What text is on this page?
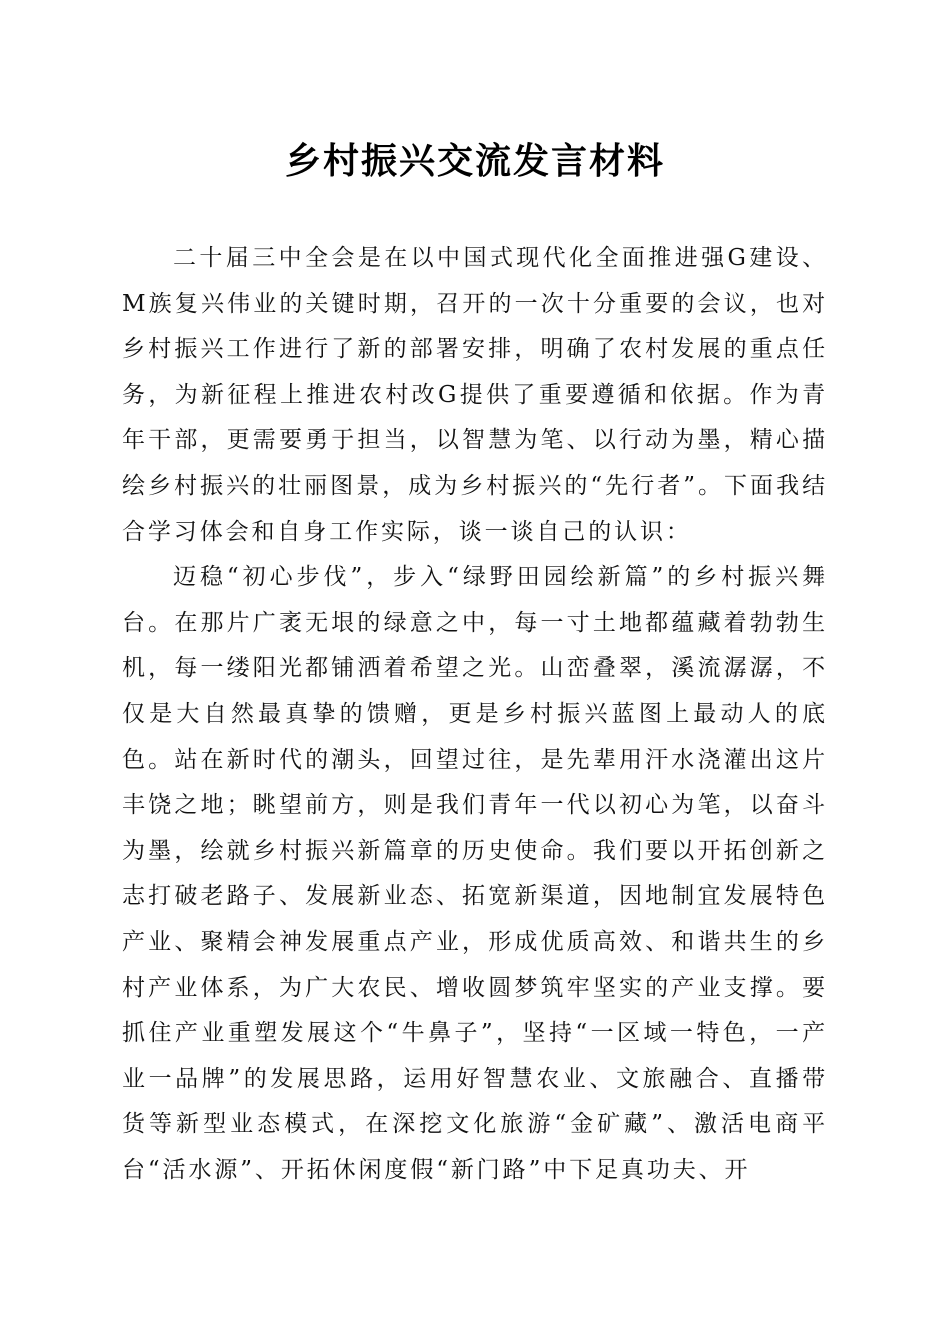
乡村振兴交流发言材料

二十届三中全会是在以中国式现代化全面推进强G建设、M族复兴伟业的关键时期，召开的一次十分重要的会议，也对乡村振兴工作进行了新的部署安排，明确了农村发展的重点任务，为新征程上推进农村改G提供了重要遵循和依据。作为青年干部，更需要勇于担当，以智慧为笔、以行动为墨，精心描绘乡村振兴的壮丽图景，成为乡村振兴的“先行者”。下面我结合学习体会和自身工作实际，谈一谈自己的认识：

迈稳“初心步伐”，步入“绿野田园绘新篇”的乡村振兴舞台。在那片广袤无垠的绿意之中，每一寸土地都蕴藏着勃勃生机，每一缕阳光都铺洒着希望之光。山峦叠翠，溪流潺潺，不仅是大自然最真挚的馈赠，更是乡村振兴蓝图上最动人的底色。站在新时代的潮头，回望过往，是先辈用汗水浇灌出这片丰饶之地；眺望前方，则是我们青年一代以初心为笔，以奋斗为墨，绘就乡村振兴新篇章的历史使命。我们要以开拓创新之志打破老路子、发展新业态、拓宽新渠道，因地制宜发展特色产业、聚精会神发展重点产业，形成优质高效、和谐共生的乡村产业体系，为广大农民、增收圆梦筑牢坚实的产业支撑。要抓住产业重塑发展这个“牛鼻子”，坚持“一区域一特色，一产业一品牌”的发展思路，运用好智慧农业、文旅融合、直播带货等新型业态模式，在深挖文化旅游“金矿藏”、激活电商平台“活水源”、开拓休闲度假“新门路”中下足真功夫、开
